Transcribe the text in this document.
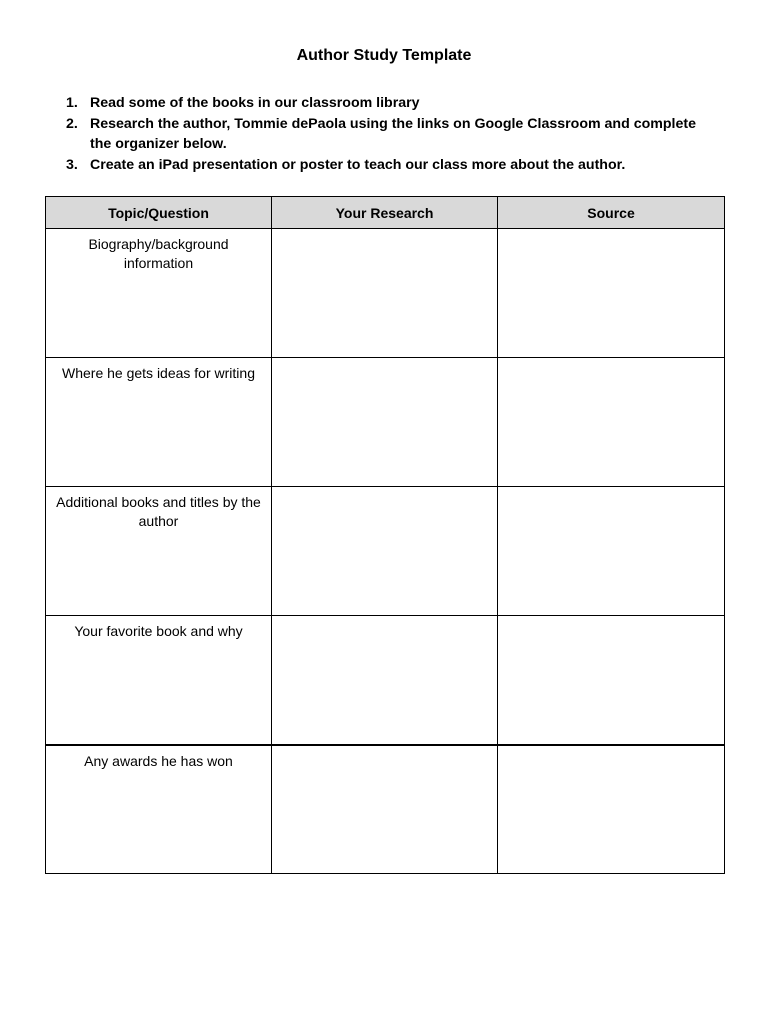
Author Study Template
1. Read some of the books in our classroom library
2. Research the author, Tommie dePaola using the links on Google Classroom and complete the organizer below.
3. Create an iPad presentation or poster to teach our class more about the author.
Topic/Question	Your Research	Source
Biography/background information		
Where he gets ideas for writing		
Additional books and titles by the author		
Your favorite book and why		
Any awards he has won		
